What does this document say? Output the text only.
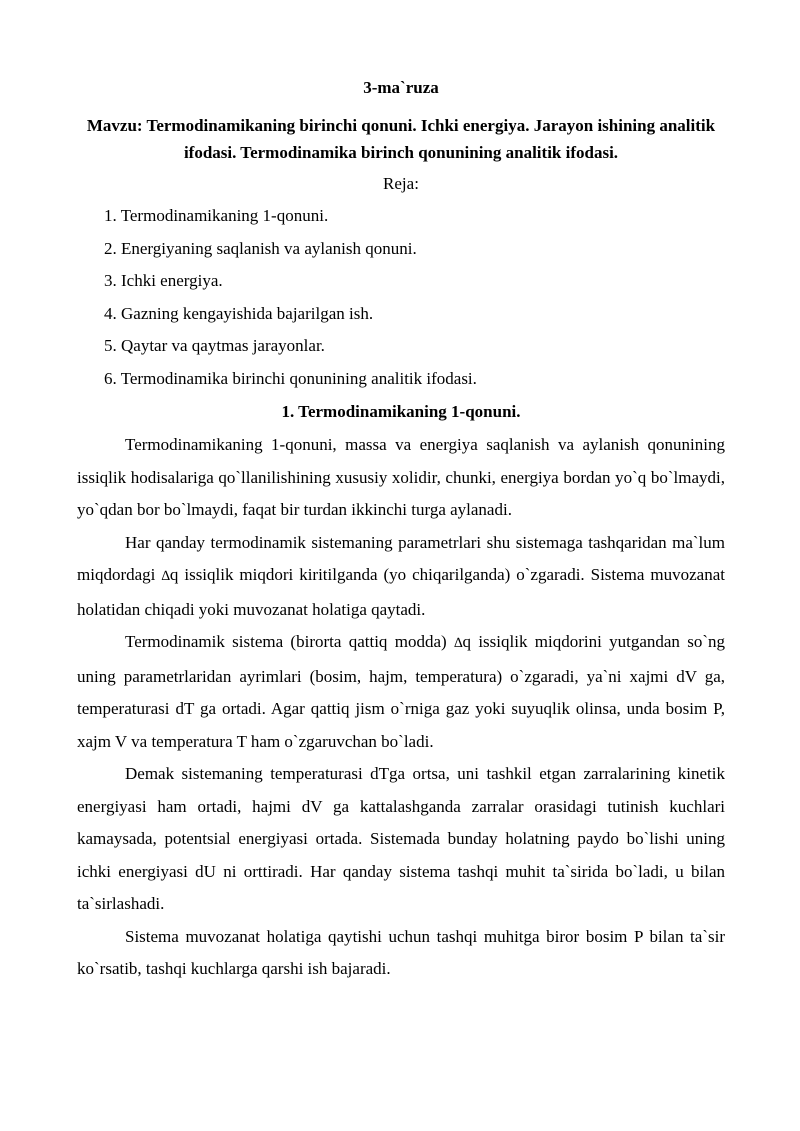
3-ma`ruza
Mavzu: Termodinamikaning birinchi qonuni. Ichki energiya. Jarayon ishining analitik ifodasi. Termodinamika birinch qonunining analitik ifodasi.
Reja:
1. Termodinamikaning 1-qonuni.
2. Energiyaning saqlanish va aylanish qonuni.
3. Ichki energiya.
4. Gazning kengayishida bajarilgan ish.
5. Qaytar va qaytmas jarayonlar.
6. Termodinamika birinchi qonunining analitik ifodasi.
1. Termodinamikaning 1-qonuni.

Termodinamikaning 1-qonuni, massa va energiya saqlanish va aylanish qonunining issiqlik hodisalariga qo`llanilishining xususiy xolidir, chunki, energiya bordan yo`q bo`lmaydi, yo`qdan bor bo`lmaydi, faqat bir turdan ikkinchi turga aylanadi.

Har qanday termodinamik sistemaning parametrlari shu sistemaga tashqaridan ma`lum miqdordagi ∆q issiqlik miqdori kiritilganda (yo chiqarilganda) o`zgaradi. Sistema muvozanat holatidan chiqadi yoki muvozanat holatiga qaytadi.

Termodinamik sistema (birorta qattiq modda) ∆q issiqlik miqdorini yutgandan so`ng uning parametrlaridan ayrimlari (bosim, hajm, temperatura) o`zgaradi, ya`ni xajmi dV ga, temperaturasi dT ga ortadi. Agar qattiq jism o`rniga gaz yoki suyuqlik olinsa, unda bosim P, xajm V va temperatura T ham o`zgaruvchan bo`ladi.

Demak sistemaning temperaturasi dTga ortsa, uni tashkil etgan zarralarining kinetik energiyasi ham ortadi, hajmi dV ga kattalashganda zarralar orasidagi tutinish kuchlari kamaysada, potentsial energiyasi ortada. Sistemada bunday holatning paydo bo`lishi uning ichki energiyasi dU ni orttiradi. Har qanday sistema tashqi muhit ta`sirida bo`ladi, u bilan ta`sirlashadi.

Sistema muvozanat holatiga qaytishi uchun tashqi muhitga biror bosim P bilan ta`sir ko`rsatib, tashqi kuchlarga qarshi ish bajaradi.
